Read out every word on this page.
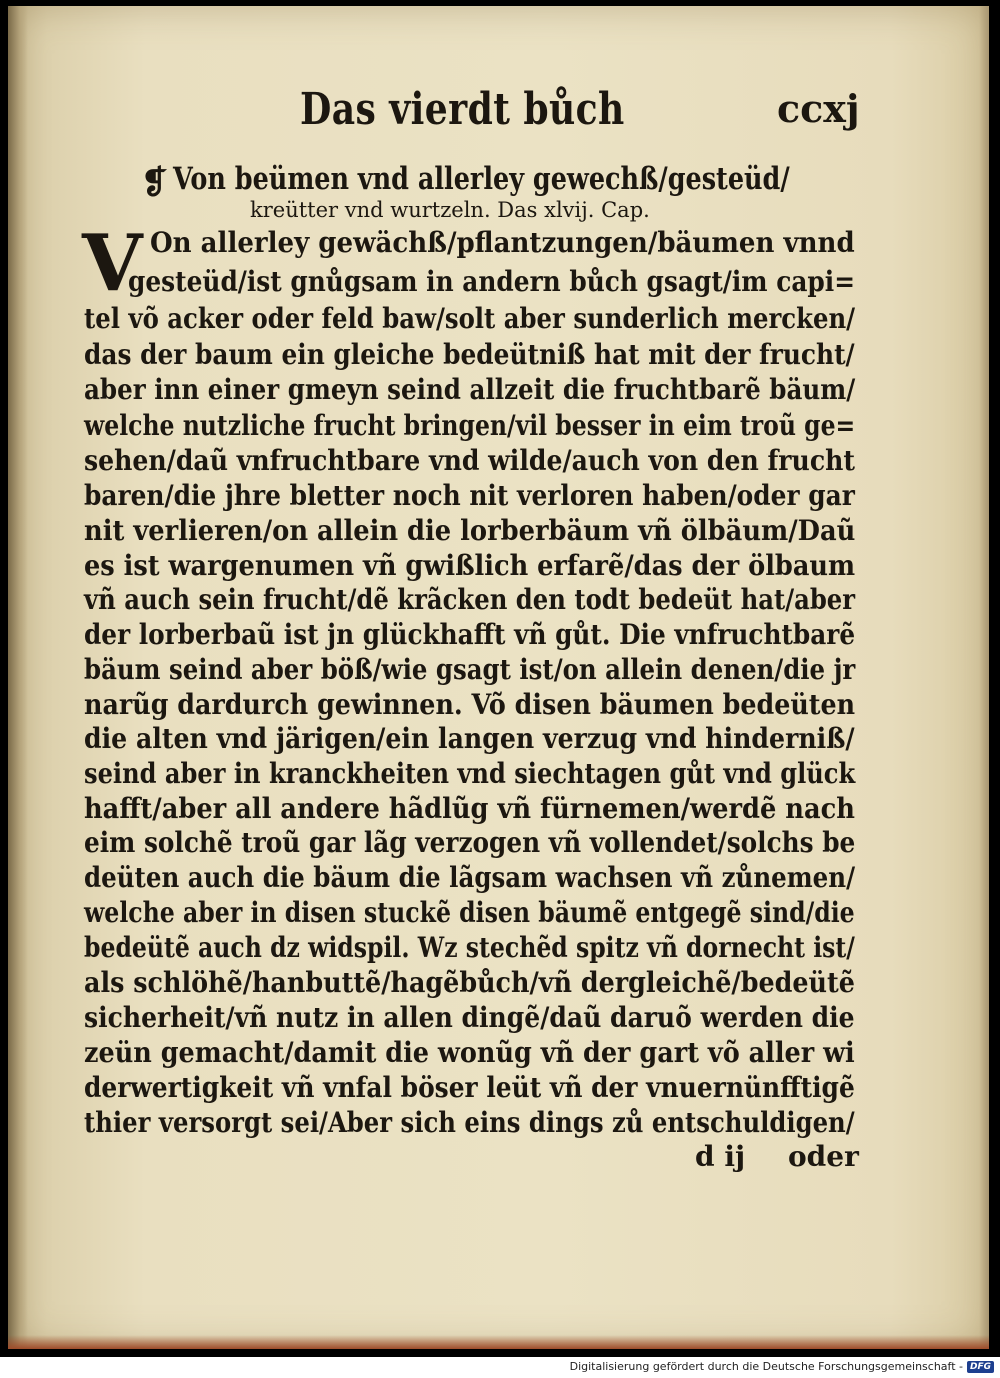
Das vierdt bůch	ccxj
❡ Von beümen vnd allerley gewechß/gesteüd/
kreütter vnd wurtzeln. Das xlvij. Cap.
V On allerley gewächß/pflantzungen/bäumen vnnd
gesteüd/ist gnůgsam in andern bůch gsagt/im capi=
tel võ acker oder feld baw/solt aber sunderlich mercken/
das der baum ein gleiche bedeütniß hat mit der frucht/
aber inn einer gmeyn seind allzeit die fruchtbarẽ bäum/
welche nutzliche frucht bringen/vil besser in eim troũ ge=
sehen/daũ vnfruchtbare vnd wilde/auch von den frucht
baren/die jhre bletter noch nit verloren haben/oder gar
nit verlieren/on allein die lorberbäum vñ ölbäum/Daũ
es ist wargenumen vñ gwißlich erfarẽ/das der ölbaum
vñ auch sein frucht/dẽ krãcken den todt bedeüt hat/aber
der lorberbaũ ist jn glückhafft vñ gůt. Die vnfruchtbarẽ
bäum seind aber böß/wie gsagt ist/on allein denen/die jr
narũg dardurch gewinnen. Võ disen bäumen bedeüten
die alten vnd järigen/ein langen verzug vnd hinderniß/
seind aber in kranckheiten vnd siechtagen gůt vnd glück
hafft/aber all andere hãdlũg vñ fürnemen/werdẽ nach
eim solchẽ troũ gar lãg verzogen vñ vollendet/solchs be
deüten auch die bäum die lãgsam wachsen vñ zůnemen/
welche aber in disen stuckẽ disen bäumẽ entgegẽ sind/die
bedeütẽ auch dz widspil. Wz stechẽd spitz vñ dornecht ist/
als schlöhẽ/hanbuttẽ/hagẽbůch/vñ dergleichẽ/bedeütẽ
sicherheit/vñ nutz in allen dingẽ/daũ daruõ werden die
zeün gemacht/damit die wonũg vñ der gart võ aller wi
derwertigkeit vñ vnfal böser leüt vñ der vnuernünfftigẽ
thier versorgt sei/Aber sich eins dings zů entschuldigen/
d ij oder
Digitalisierung gefördert durch die Deutsche Forschungsgemeinschaft - DFG
